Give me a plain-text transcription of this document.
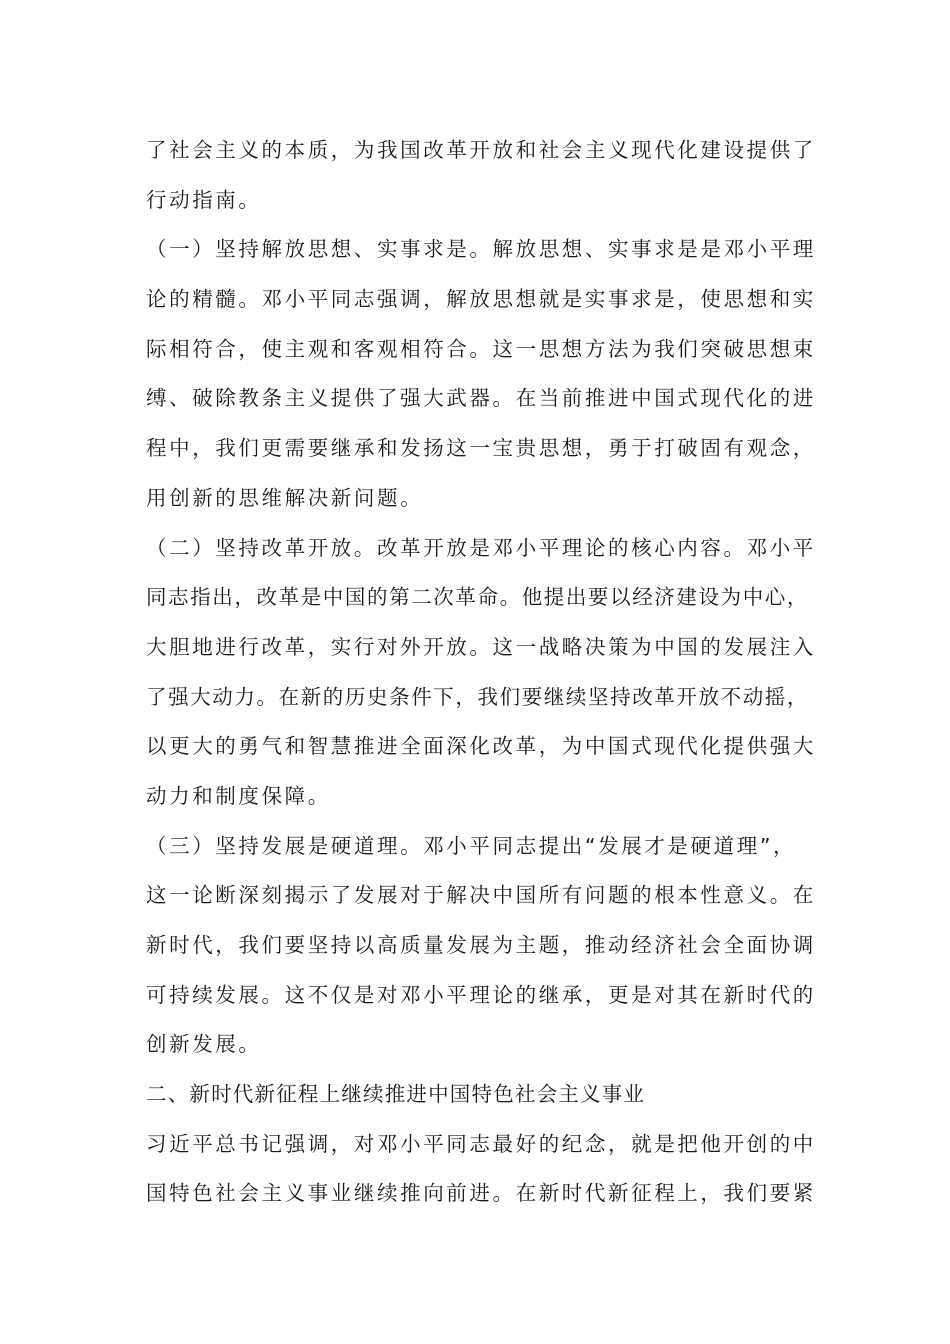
了社会主义的本质，为我国改革开放和社会主义现代化建设提供了
行动指南。
（一）坚持解放思想、实事求是。解放思想、实事求是是邓小平理
论的精髓。邓小平同志强调，解放思想就是实事求是，使思想和实
际相符合，使主观和客观相符合。这一思想方法为我们突破思想束
缚、破除教条主义提供了强大武器。在当前推进中国式现代化的进
程中，我们更需要继承和发扬这一宝贵思想，勇于打破固有观念，
用创新的思维解决新问题。
（二）坚持改革开放。改革开放是邓小平理论的核心内容。邓小平
同志指出，改革是中国的第二次革命。他提出要以经济建设为中心，
大胆地进行改革，实行对外开放。这一战略决策为中国的发展注入
了强大动力。在新的历史条件下，我们要继续坚持改革开放不动摇，
以更大的勇气和智慧推进全面深化改革，为中国式现代化提供强大
动力和制度保障。
（三）坚持发展是硬道理。邓小平同志提出“发展才是硬道理”，
这一论断深刻揭示了发展对于解决中国所有问题的根本性意义。在
新时代，我们要坚持以高质量发展为主题，推动经济社会全面协调
可持续发展。这不仅是对邓小平理论的继承，更是对其在新时代的
创新发展。
二、新时代新征程上继续推进中国特色社会主义事业
习近平总书记强调，对邓小平同志最好的纪念，就是把他开创的中
国特色社会主义事业继续推向前进。在新时代新征程上，我们要紧
